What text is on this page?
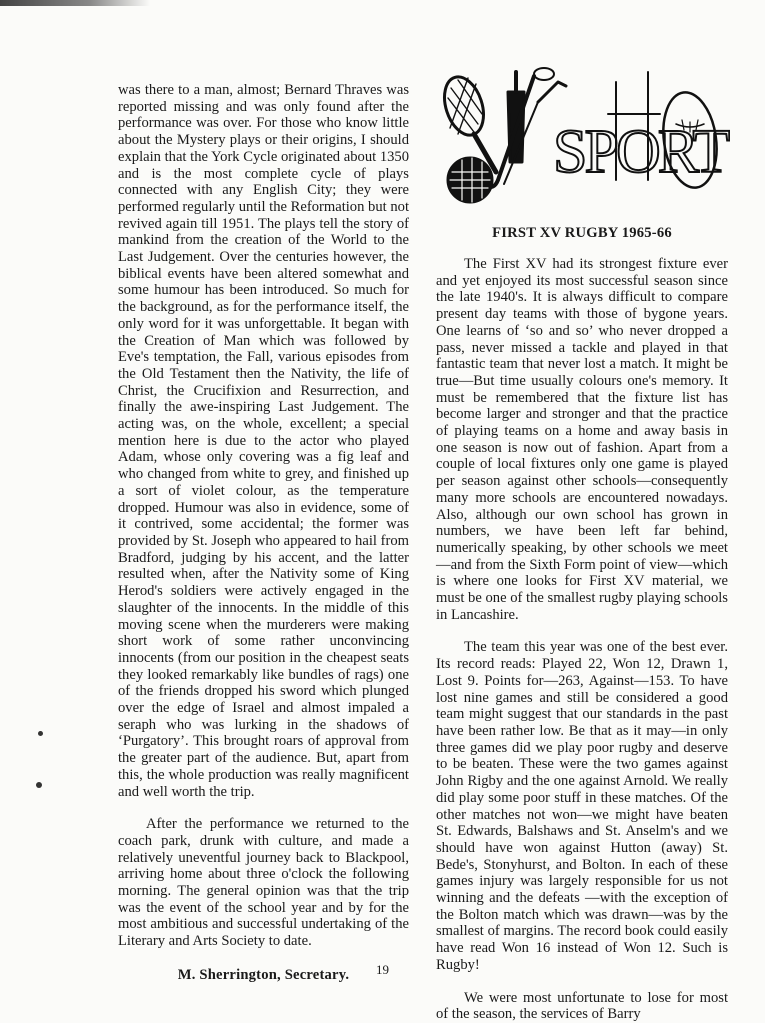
SPORT

was there to a man, almost; Bernard Thraves was reported missing and was only found after the performance was over. For those who know little about the Mystery plays or their origins, I should explain that the York Cycle originated about 1350 and is the most complete cycle of plays connected with any English City; they were performed regularly until the Reformation but not revived again till 1951. The plays tell the story of mankind from the creation of the World to the Last Judgement. Over the centuries however, the biblical events have been altered somewhat and some humour has been introduced. So much for the background, as for the performance itself, the only word for it was unforgettable. It began with the Creation of Man which was followed by Eve's temptation, the Fall, various episodes from the Old Testament then the Nativity, the life of Christ, the Crucifixion and Resurrection, and finally the awe-inspiring Last Judgement. The acting was, on the whole, excellent; a special mention here is due to the actor who played Adam, whose only covering was a fig leaf and who changed from white to grey, and finished up a sort of violet colour, as the temperature dropped. Humour was also in evidence, some of it contrived, some accidental; the former was provided by St. Joseph who appeared to hail from Bradford, judging by his accent, and the latter resulted when, after the Nativity some of King Herod's soldiers were actively engaged in the slaughter of the innocents. In the middle of this moving scene when the murderers were making short work of some rather unconvincing innocents (from our position in the cheapest seats they looked remarkably like bundles of rags) one of the friends dropped his sword which plunged over the edge of Israel and almost impaled a seraph who was lurking in the shadows of ‘Purgatory’. This brought roars of approval from the greater part of the audience. But, apart from this, the whole production was really magnificent and well worth the trip.

After the performance we returned to the coach park, drunk with culture, and made a relatively uneventful journey back to Blackpool, arriving home about three o'clock the following morning. The general opinion was that the trip was the event of the school year and by for the most ambitious and successful undertaking of the Literary and Arts Society to date.

M. Sherrington, Secretary.

FIRST XV RUGBY 1965-66

The First XV had its strongest fixture ever and yet enjoyed its most successful season since the late 1940's. It is always difficult to compare present day teams with those of bygone years. One learns of ‘so and so’ who never dropped a pass, never missed a tackle and played in that fantastic team that never lost a match. It might be true—But time usually colours one's memory. It must be remembered that the fixture list has become larger and stronger and that the practice of playing teams on a home and away basis in one season is now out of fashion. Apart from a couple of local fixtures only one game is played per season against other schools—consequently many more schools are encountered nowadays. Also, although our own school has grown in numbers, we have been left far behind, numerically speaking, by other schools we meet—and from the Sixth Form point of view—which is where one looks for First XV material, we must be one of the smallest rugby playing schools in Lancashire.

The team this year was one of the best ever. Its record reads: Played 22, Won 12, Drawn 1, Lost 9. Points for—263, Against—153. To have lost nine games and still be considered a good team might suggest that our standards in the past have been rather low. Be that as it may—in only three games did we play poor rugby and deserve to be beaten. These were the two games against John Rigby and the one against Arnold. We really did play some poor stuff in these matches. Of the other matches not won—we might have beaten St. Edwards, Balshaws and St. Anselm's and we should have won against Hutton (away) St. Bede's, Stonyhurst, and Bolton. In each of these games injury was largely responsible for us not winning and the defeats —with the exception of the Bolton match which was drawn—was by the smallest of margins. The record book could easily have read Won 16 instead of Won 12. Such is Rugby!

We were most unfortunate to lose for most of the season, the services of Barry

19
